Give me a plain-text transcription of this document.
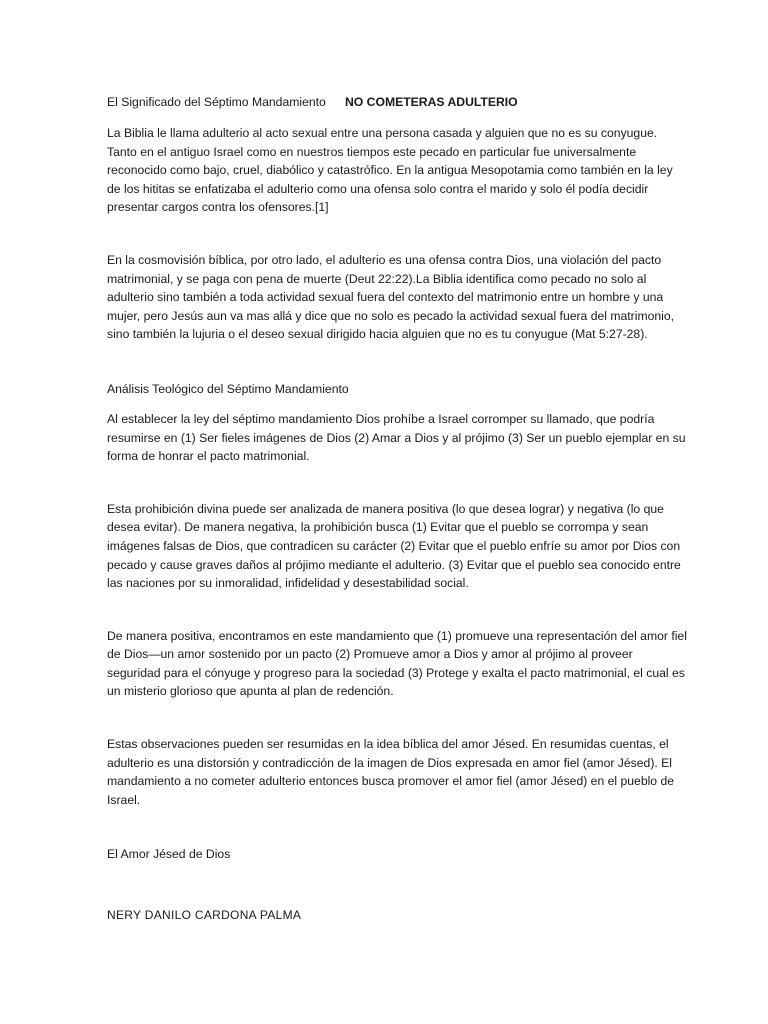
El Significado del Séptimo Mandamiento NO COMETERAS ADULTERIO

La Biblia le llama adulterio al acto sexual entre una persona casada y alguien que no es su conyugue. Tanto en el antiguo Israel como en nuestros tiempos este pecado en particular fue universalmente reconocido como bajo, cruel, diabólico y catastrófico. En la antigua Mesopotamia como también en la ley de los hititas se enfatizaba el adulterio como una ofensa solo contra el marido y solo él podía decidir presentar cargos contra los ofensores.[1]

En la cosmovisión bíblica, por otro lado, el adulterio es una ofensa contra Dios, una violación del pacto matrimonial, y se paga con pena de muerte (Deut 22:22).La Biblia identifica como pecado no solo al adulterio sino también a toda actividad sexual fuera del contexto del matrimonio entre un hombre y una mujer, pero Jesús aun va mas allá y dice que no solo es pecado la actividad sexual fuera del matrimonio, sino también la lujuria o el deseo sexual dirigido hacia alguien que no es tu conyugue (Mat 5:27-28).

Análisis Teológico del Séptimo Mandamiento

Al establecer la ley del séptimo mandamiento Dios prohíbe a Israel corromper su llamado, que podría resumirse en (1) Ser fieles imágenes de Dios (2) Amar a Dios y al prójimo (3) Ser un pueblo ejemplar en su forma de honrar el pacto matrimonial.

Esta prohibición divina puede ser analizada de manera positiva (lo que desea lograr) y negativa (lo que desea evitar). De manera negativa, la prohibición busca (1) Evitar que el pueblo se corrompa y sean imágenes falsas de Dios, que contradicen su carácter (2) Evitar que el pueblo enfríe su amor por Dios con pecado y cause graves daños al prójimo mediante el adulterio. (3) Evitar que el pueblo sea conocido entre las naciones por su inmoralidad, infidelidad y desestabilidad social.

De manera positiva, encontramos en este mandamiento que (1) promueve una representación del amor fiel de Dios—un amor sostenido por un pacto (2) Promueve amor a Dios y amor al prójimo al proveer seguridad para el cónyuge y progreso para la sociedad (3) Protege y exalta el pacto matrimonial, el cual es un misterio glorioso que apunta al plan de redención.

Estas observaciones pueden ser resumidas en la idea bíblica del amor Jésed. En resumidas cuentas, el adulterio es una distorsión y contradicción de la imagen de Dios expresada en amor fiel (amor Jésed). El mandamiento a no cometer adulterio entonces busca promover el amor fiel (amor Jésed) en el pueblo de Israel.

El Amor Jésed de Dios
NERY DANILO CARDONA PALMA
